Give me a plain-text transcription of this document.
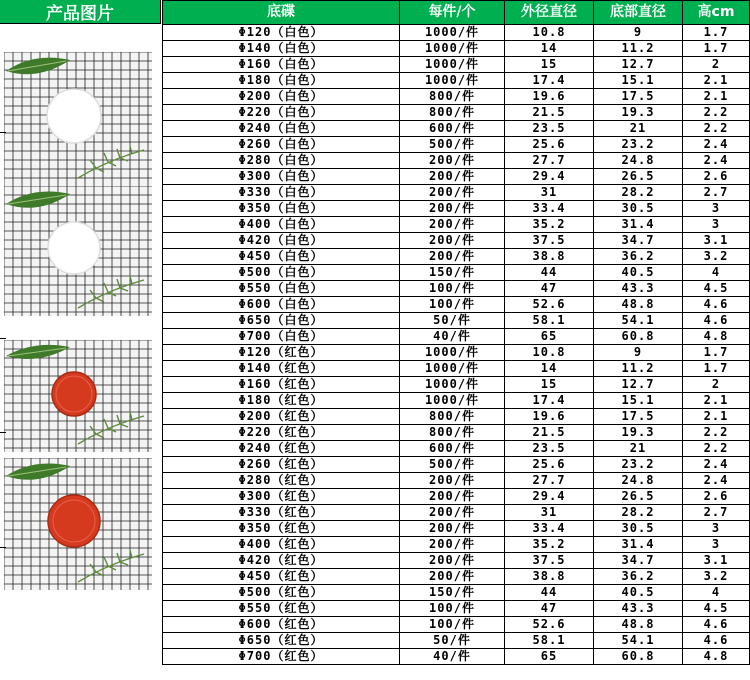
产品图片	底碟	每件/个	外径直径	底部直径	高cm
Φ120（白色）	1000/件	10.8	9	1.7
Φ140（白色）	1000/件	14	11.2	1.7
Φ160（白色）	1000/件	15	12.7	2
Φ180（白色）	1000/件	17.4	15.1	2.1
Φ200（白色）	800/件	19.6	17.5	2.1
Φ220（白色）	800/件	21.5	19.3	2.2
Φ240（白色）	600/件	23.5	21	2.2
Φ260（白色）	500/件	25.6	23.2	2.4
Φ280（白色）	200/件	27.7	24.8	2.4
Φ300（白色）	200/件	29.4	26.5	2.6
Φ330（白色）	200/件	31	28.2	2.7
Φ350（白色）	200/件	33.4	30.5	3
Φ400（白色）	200/件	35.2	31.4	3
Φ420（白色）	200/件	37.5	34.7	3.1
Φ450（白色）	200/件	38.8	36.2	3.2
Φ500（白色）	150/件	44	40.5	4
Φ550（白色）	100/件	47	43.3	4.5
Φ600（白色）	100/件	52.6	48.8	4.6
Φ650（白色）	50/件	58.1	54.1	4.6
Φ700（白色）	40/件	65	60.8	4.8
Φ120（红色）	1000/件	10.8	9	1.7
Φ140（红色）	1000/件	14	11.2	1.7
Φ160（红色）	1000/件	15	12.7	2
Φ180（红色）	1000/件	17.4	15.1	2.1
Φ200（红色）	800/件	19.6	17.5	2.1
Φ220（红色）	800/件	21.5	19.3	2.2
Φ240（红色）	600/件	23.5	21	2.2
Φ260（红色）	500/件	25.6	23.2	2.4
Φ280（红色）	200/件	27.7	24.8	2.4
Φ300（红色）	200/件	29.4	26.5	2.6
Φ330（红色）	200/件	31	28.2	2.7
Φ350（红色）	200/件	33.4	30.5	3
Φ400（红色）	200/件	35.2	31.4	3
Φ420（红色）	200/件	37.5	34.7	3.1
Φ450（红色）	200/件	38.8	36.2	3.2
Φ500（红色）	150/件	44	40.5	4
Φ550（红色）	100/件	47	43.3	4.5
Φ600（红色）	100/件	52.6	48.8	4.6
Φ650（红色）	50/件	58.1	54.1	4.6
Φ700（红色）	40/件	65	60.8	4.8
